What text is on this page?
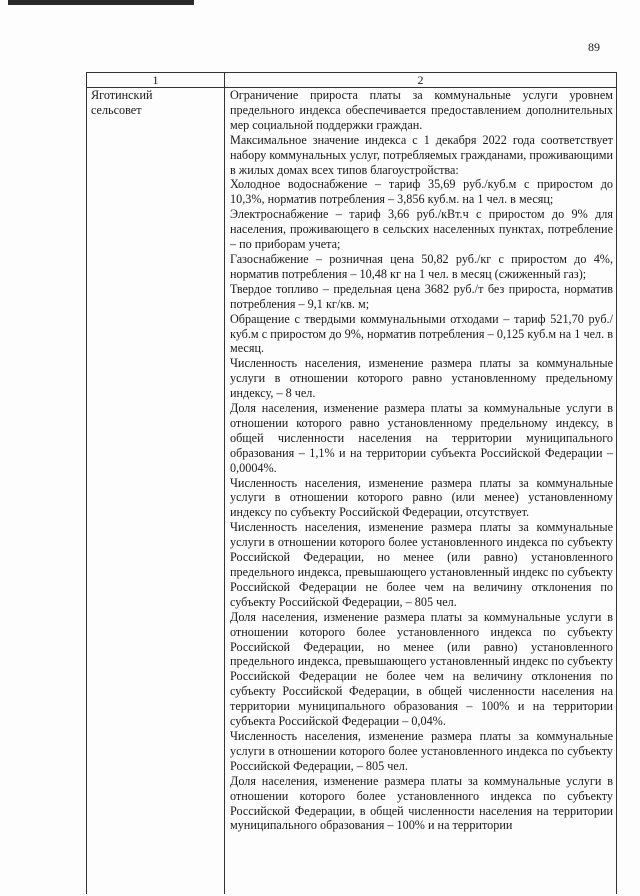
89
1	2
Яготинский
сельсовет
Ограничение прироста платы за коммунальные услуги уровнем предельного индекса обеспечивается предоставлением дополнительных мер социальной поддержки граждан.
Максимальное значение индекса с 1 декабря 2022 года соответствует набору коммунальных услуг, потребляемых гражданами, проживающими в жилых домах всех типов благоустройства:
Холодное водоснабжение – тариф 35,69 руб./куб.м с приростом до 10,3%, норматив потребления – 3,856 куб.м. на 1 чел. в месяц;
Электроснабжение – тариф 3,66 руб./кВт.ч с приростом до 9% для населения, проживающего в сельских населенных пунктах, потребление – по приборам учета;
Газоснабжение – розничная цена 50,82 руб./кг с приростом до 4%, норматив потребления – 10,48 кг на 1 чел. в месяц (сжиженный газ);
Твердое топливо – предельная цена 3682 руб./т без прироста, норматив потребления – 9,1 кг/кв. м;
Обращение с твердыми коммунальными отходами – тариф 521,70 руб./куб.м с приростом до 9%, норматив потребления – 0,125 куб.м на 1 чел. в месяц.
Численность населения, изменение размера платы за коммунальные услуги в отношении которого равно установленному предельному индексу, – 8 чел.
Доля населения, изменение размера платы за коммунальные услуги в отношении которого равно установленному предельному индексу, в общей численности населения на территории муниципального образования – 1,1% и на территории субъекта Российской Федерации – 0,0004%.
Численность населения, изменение размера платы за коммунальные услуги в отношении которого равно (или менее) установленному индексу по субъекту Российской Федерации, отсутствует.
Численность населения, изменение размера платы за коммунальные услуги в отношении которого более установленного индекса по субъекту Российской Федерации, но менее (или равно) установленного предельного индекса, превышающего установленный индекс по субъекту Российской Федерации не более чем на величину отклонения по субъекту Российской Федерации, – 805 чел.
Доля населения, изменение размера платы за коммунальные услуги в отношении которого более установленного индекса по субъекту Российской Федерации, но менее (или равно) установленного предельного индекса, превышающего установленный индекс по субъекту Российской Федерации не более чем на величину отклонения по субъекту Российской Федерации, в общей численности населения на территории муниципального образования – 100% и на территории субъекта Российской Федерации – 0,04%.
Численность населения, изменение размера платы за коммунальные услуги в отношении которого более установленного индекса по субъекту Российской Федерации, – 805 чел.
Доля населения, изменение размера платы за коммунальные услуги в отношении которого более установленного индекса по субъекту Российской Федерации, в общей численности населения на территории муниципального образования – 100% и на территории
